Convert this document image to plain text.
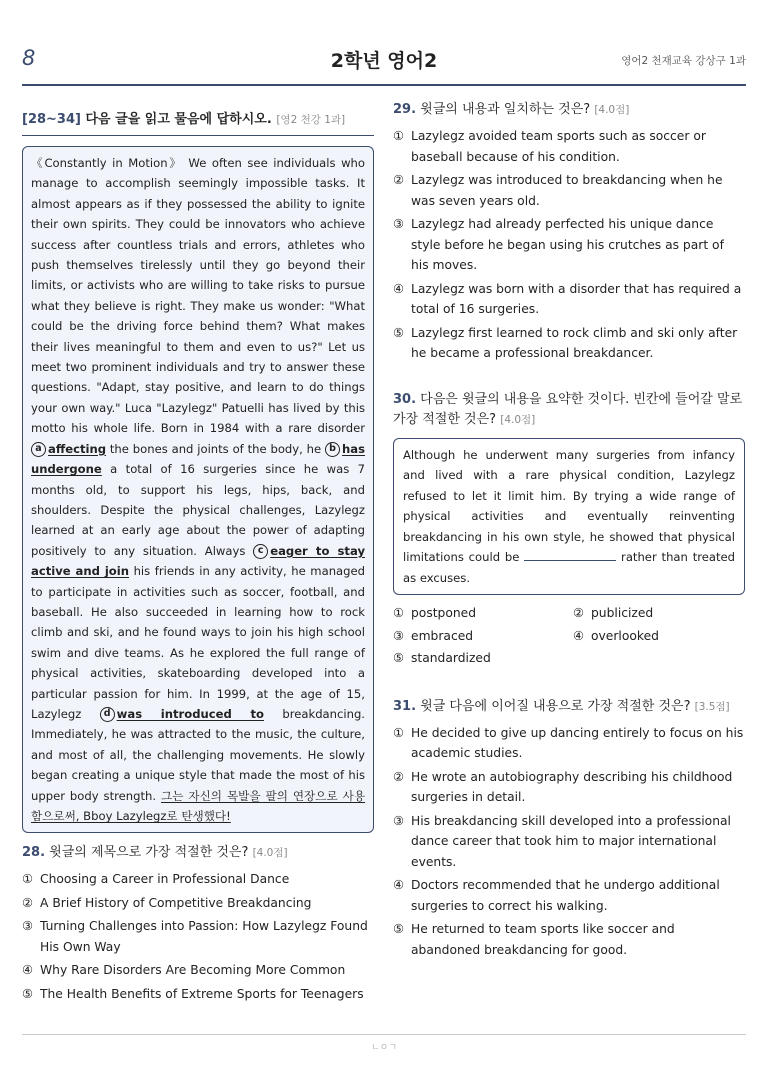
8	2학년 영어2	영어2 천재교육 강상구 1과
[28~34] 다음 글을 읽고 물음에 답하시오. [영2 천강 1과]
《Constantly in Motion》 We often see individuals who manage to accomplish seemingly impossible tasks. It almost appears as if they possessed the ability to ignite their own spirits. They could be innovators who achieve success after countless trials and errors, athletes who push themselves tirelessly until they go beyond their limits, or activists who are willing to take risks to pursue what they believe is right. They make us wonder: "What could be the driving force behind them? What makes their lives meaningful to them and even to us?" Let us meet two prominent individuals and try to answer these questions. "Adapt, stay positive, and learn to do things your own way." Luca "Lazylegz" Patuelli has lived by this motto his whole life. Born in 1984 with a rare disorder a affecting the bones and joints of the body, he b has undergone a total of 16 surgeries since he was 7 months old, to support his legs, hips, back, and shoulders. Despite the physical challenges, Lazylegz learned at an early age about the power of adapting positively to any situation. Always c eager to stay active and join his friends in any activity, he managed to participate in activities such as soccer, football, and baseball. He also succeeded in learning how to rock climb and ski, and he found ways to join his high school swim and dive teams. As he explored the full range of physical activities, skateboarding developed into a particular passion for him. In 1999, at the age of 15, Lazylegz d was introduced to breakdancing. Immediately, he was attracted to the music, the culture, and most of all, the challenging movements. He slowly began creating a unique style that made the most of his upper body strength. 그는 자신의 목발을 팔의 연장으로 사용함으로써, Bboy Lazylegz로 탄생했다!
28. 윗글의 제목으로 가장 적절한 것은? [4.0점]
① Choosing a Career in Professional Dance
② A Brief History of Competitive Breakdancing
③ Turning Challenges into Passion: How Lazylegz Found His Own Way
④ Why Rare Disorders Are Becoming More Common
⑤ The Health Benefits of Extreme Sports for Teenagers
29. 윗글의 내용과 일치하는 것은? [4.0점]
① Lazylegz avoided team sports such as soccer or baseball because of his condition.
② Lazylegz was introduced to breakdancing when he was seven years old.
③ Lazylegz had already perfected his unique dance style before he began using his crutches as part of his moves.
④ Lazylegz was born with a disorder that has required a total of 16 surgeries.
⑤ Lazylegz first learned to rock climb and ski only after he became a professional breakdancer.
30. 다음은 윗글의 내용을 요약한 것이다. 빈칸에 들어갈 말로 가장 적절한 것은? [4.0점]
Although he underwent many surgeries from infancy and lived with a rare physical condition, Lazylegz refused to let it limit him. By trying a wide range of physical activities and eventually reinventing breakdancing in his own style, he showed that physical limitations could be	rather than treated as excuses.
① postponed	② publicized
③ embraced	④ overlooked
⑤ standardized
31. 윗글 다음에 이어질 내용으로 가장 적절한 것은? [3.5점]
① He decided to give up dancing entirely to focus on his academic studies.
② He wrote an autobiography describing his childhood surgeries in detail.
③ His breakdancing skill developed into a professional dance career that took him to major international events.
④ Doctors recommended that he undergo additional surgeries to correct his walking.
⑤ He returned to team sports like soccer and abandoned breakdancing for good.
ㄴㅇㄱ
